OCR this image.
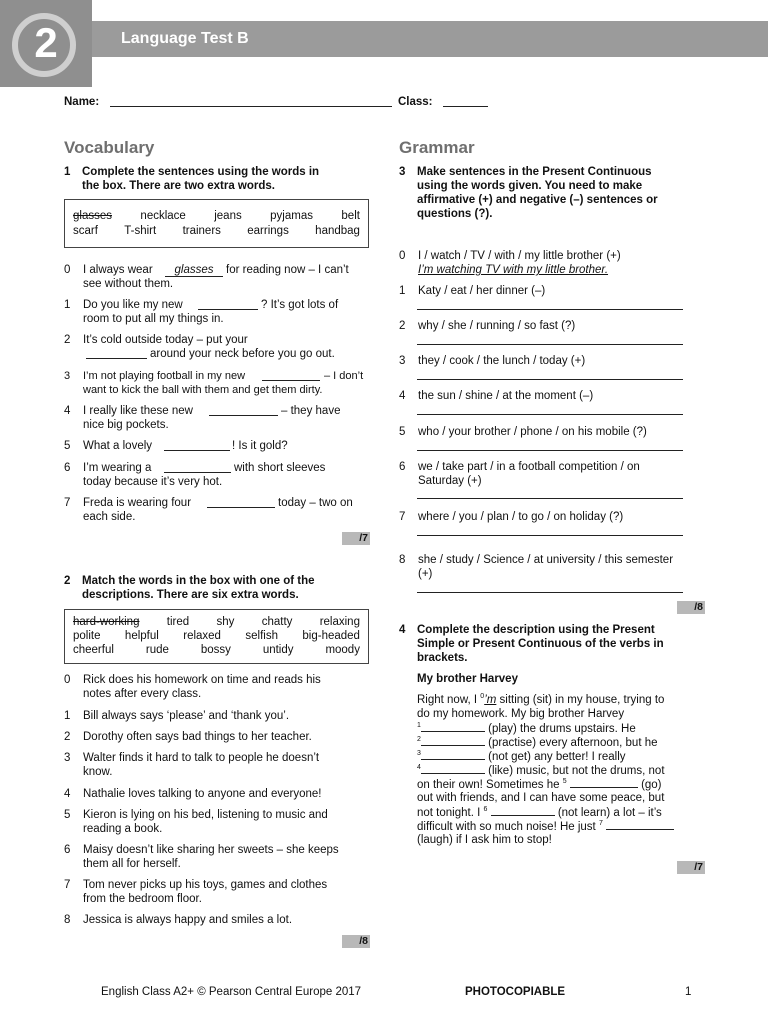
2	Language Test B
Name:	Class:
Vocabulary
1 Complete the sentences using the words in
the box. There are two extra words.
glasses necklace jeans pyjamas belt
scarf T-shirt trainers earrings handbag
0 I always wear	glasses	for reading now – I can’t
see without them.
1 Do you like my new	? It’s got lots of
room to put all my things in.
2 It’s cold outside today – put your
around your neck before you go out.
3 I’m not playing football in my new	– I don’t
want to kick the ball with them and get them dirty.
4 I really like these new	– they have
nice big pockets.
5 What a lovely	! Is it gold?
6 I’m wearing a	with short sleeves
today because it’s very hot.
7 Freda is wearing four	today – two on
each side.
/7
2 Match the words in the box with one of the
descriptions. There are six extra words.
hard-working tired shy chatty relaxing
polite helpful relaxed selfish big-headed
cheerful	rude	bossy	untidy	moody
0 Rick does his homework on time and reads his
notes after every class.
1 Bill always says ‘please’ and ‘thank you’.
2 Dorothy often says bad things to her teacher.
3 Walter finds it hard to talk to people he doesn’t
know.
4 Nathalie loves talking to anyone and everyone!
5 Kieron is lying on his bed, listening to music and
reading a book.
6 Maisy doesn’t like sharing her sweets – she keeps
them all for herself.
7 Tom never picks up his toys, games and clothes
from the bedroom floor.
8 Jessica is always happy and smiles a lot.
/8
Grammar
3 Make sentences in the Present Continuous
using the words given. You need to make
affirmative (+) and negative (–) sentences or
questions (?).
0 I / watch / TV / with / my little brother (+)
I’m watching TV with my little brother.
1 Katy / eat / her dinner (–)
2 why / she / running / so fast (?)
3 they / cook / the lunch / today (+)
4 the sun / shine / at the moment (–)
5 who / your brother / phone / on his mobile (?)
6 we / take part / in a football competition / on
Saturday (+)
7 where / you / plan / to go / on holiday (?)
8 she / study / Science / at university / this semester
(+)
/8
4 Complete the description using the Present
Simple or Present Continuous of the verbs in
brackets.
My brother Harvey
Right now, I $^0$’m sitting (sit) in my house, trying to
do my homework. My big brother Harvey
$^1$	(play) the drums upstairs. He
$^2$	(practise) every afternoon, but he
$^3$	(not get) any better! I really
$^4$	(like) music, but not the drums, not
on their own! Sometimes he $^5$	(go)
out with friends, and I can have some peace, but
not tonight. I $^6$	(not learn) a lot – it’s
difficult with so much noise! He just $^7$
(laugh) if I ask him to stop!
/7
English Class A2+ © Pearson Central Europe 2017	PHOTOCOPIABLE	1
